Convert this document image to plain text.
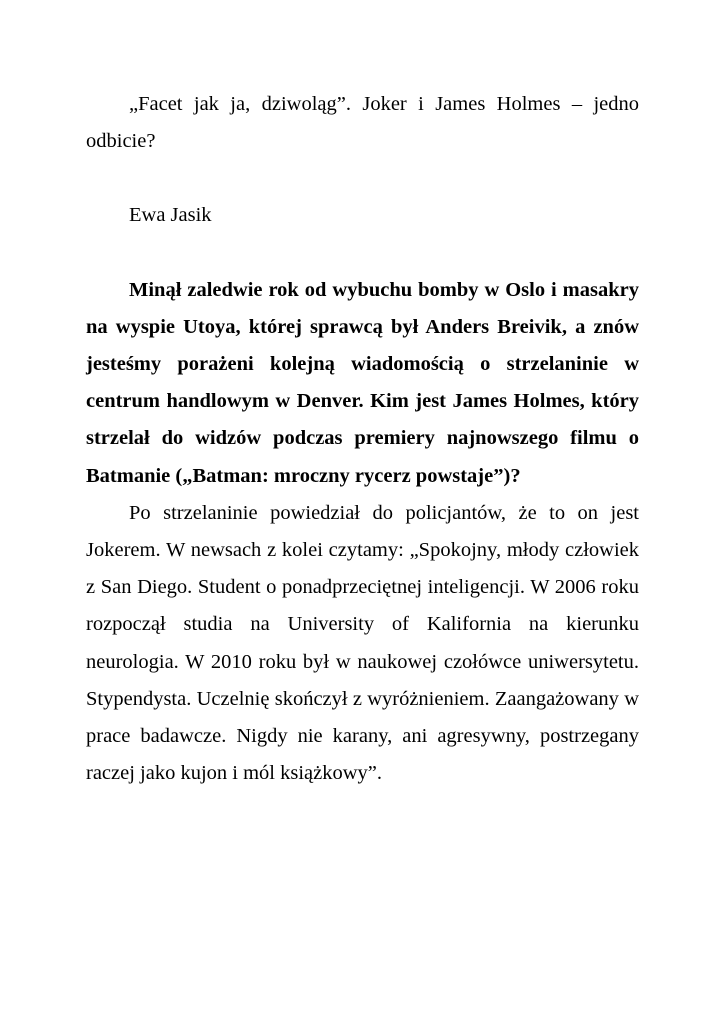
„Facet jak ja, dziwoląg”. Joker i James Holmes – jedno odbicie?

Ewa Jasik

Minął zaledwie rok od wybuchu bomby w Oslo i masakry na wyspie Utoya, której sprawcą był Anders Breivik, a znów jesteśmy porażeni kolejną wiadomością o strzelaninie w centrum handlowym w Denver. Kim jest James Holmes, który strzelał do widzów podczas premiery najnowszego filmu o Batmanie („Batman: mroczny rycerz powstaje”)?

Po strzelaninie powiedział do policjantów, że to on jest Jokerem. W newsach z kolei czytamy: „Spokojny, młody człowiek z San Diego. Student o ponadprzeciętnej inteligencji. W 2006 roku rozpoczął studia na University of Kalifornia na kierunku neurologia. W 2010 roku był w naukowej czołówce uniwersytetu. Stypendysta. Uczelnię skończył z wyróżnieniem. Zaangażowany w prace badawcze. Nigdy nie karany, ani agresywny, postrzegany raczej jako kujon i mól książkowy”.
